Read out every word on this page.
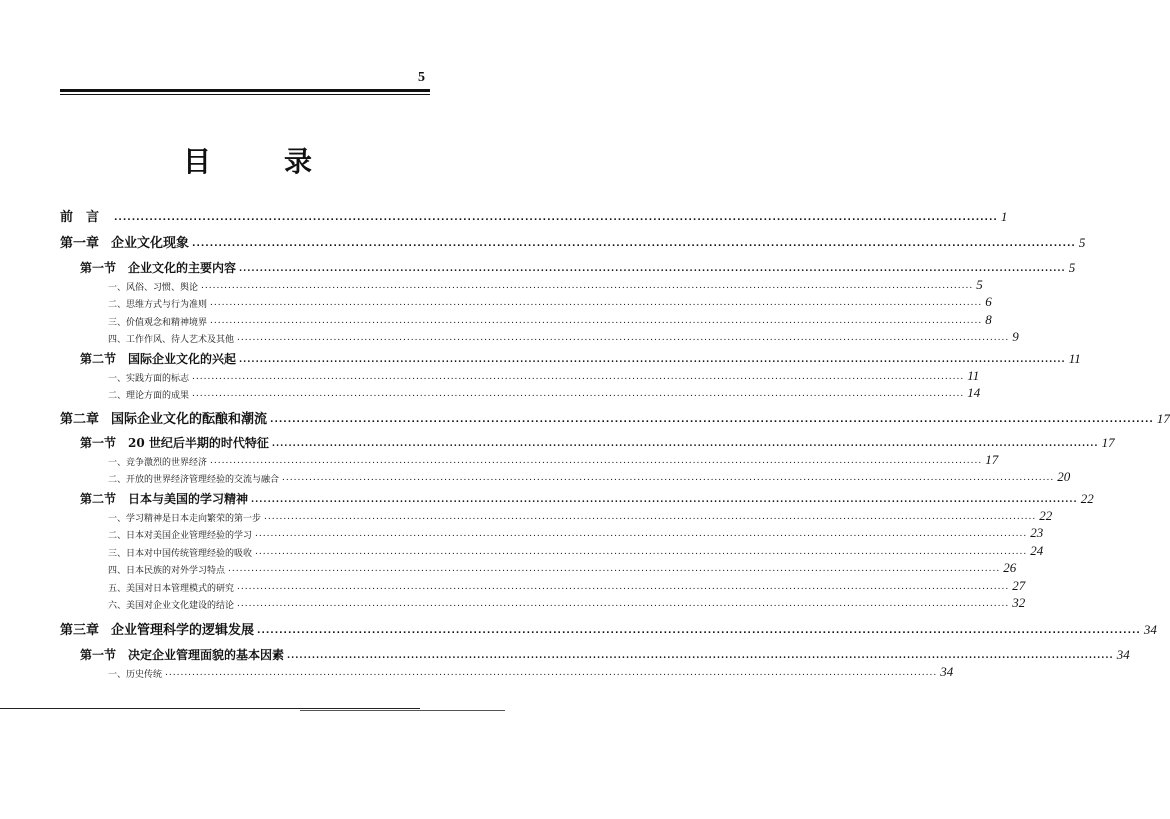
5
目	录
前　言	........................................................................................................................................................................................................ 1
第一章 企业文化现象 ........................................................................................................................................................................................................ 5
第一节 企业文化的主要内容 ........................................................................................................................................................................................................ 5
一、风俗、习惯、舆论 ........................................................................................................................................................................................................ 5
二、思维方式与行为准则 ........................................................................................................................................................................................................ 6
三、价值观念和精神境界 ........................................................................................................................................................................................................ 8
四、工作作风、待人艺术及其他 ........................................................................................................................................................................................................ 9
第二节 国际企业文化的兴起 ........................................................................................................................................................................................................ 11
一、实践方面的标志 ........................................................................................................................................................................................................ 11
二、理论方面的成果 ........................................................................................................................................................................................................ 14
第二章 国际企业文化的酝酿和潮流 ........................................................................................................................................................................................................ 17
第一节 20 世纪后半期的时代特征 ........................................................................................................................................................................................................ 17
一、竞争激烈的世界经济 ........................................................................................................................................................................................................ 17
二、开放的世界经济管理经验的交流与融合 ........................................................................................................................................................................................................ 20
第二节 日本与美国的学习精神 ........................................................................................................................................................................................................ 22
一、学习精神是日本走向繁荣的第一步 ........................................................................................................................................................................................................ 22
二、日本对美国企业管理经验的学习 ........................................................................................................................................................................................................ 23
三、日本对中国传统管理经验的吸收 ........................................................................................................................................................................................................ 24
四、日本民族的对外学习特点 ........................................................................................................................................................................................................ 26
五、美国对日本管理模式的研究 ........................................................................................................................................................................................................ 27
六、美国对企业文化建设的结论 ........................................................................................................................................................................................................ 32
第三章 企业管理科学的逻辑发展 ........................................................................................................................................................................................................ 34
第一节 决定企业管理面貌的基本因素 ........................................................................................................................................................................................................ 34
一、历史传统 ........................................................................................................................................................................................................ 34
